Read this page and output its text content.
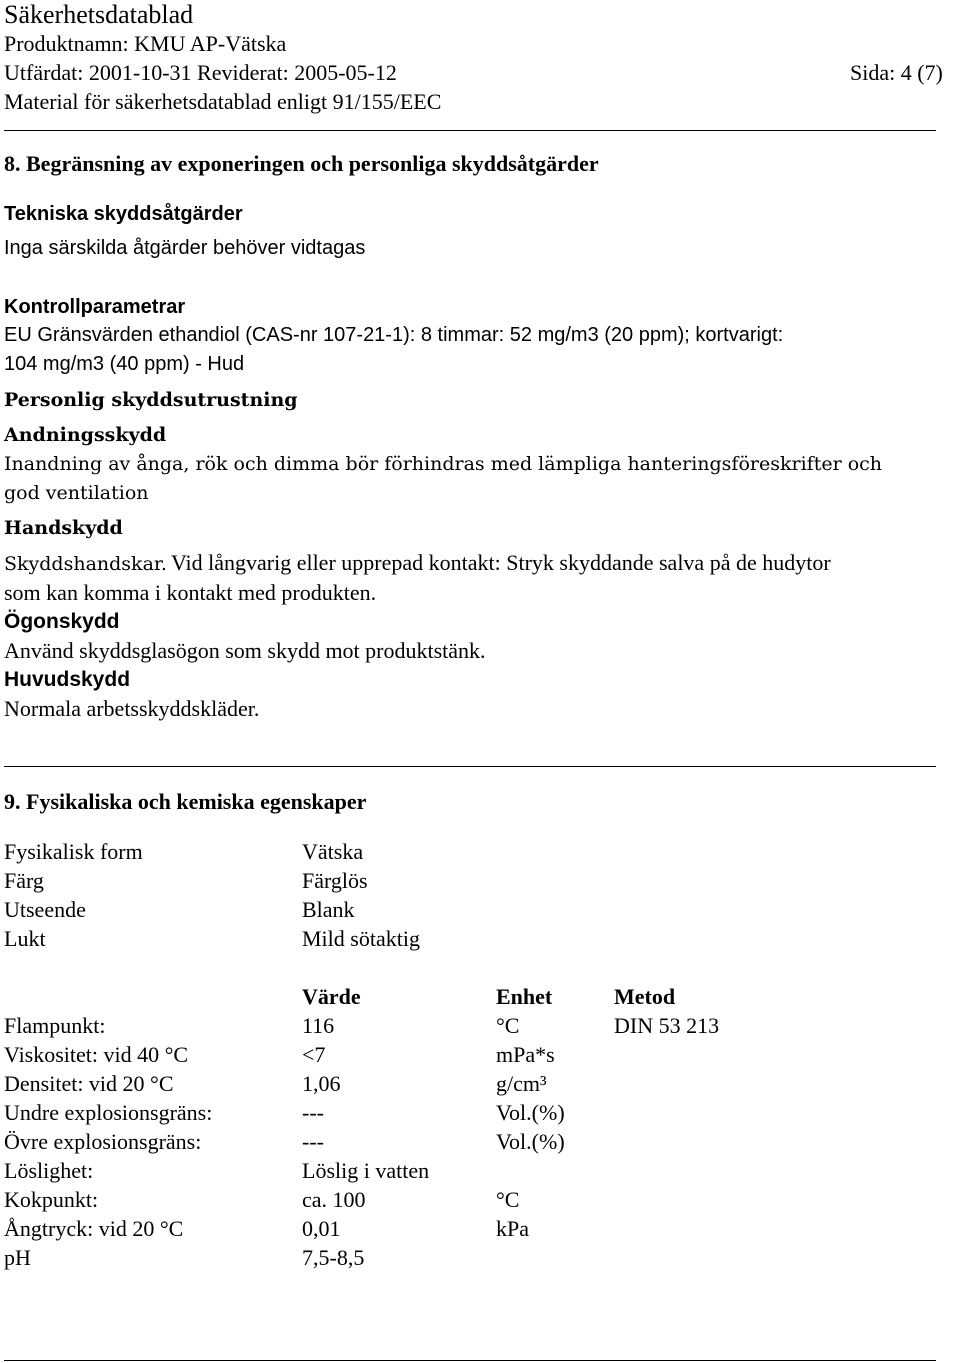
Säkerhetsdatablad
Produktnamn: KMU AP-Vätska
Utfärdat: 2001-10-31 Reviderat: 2005-05-12	Sida: 4 (7)
Material för säkerhetsdatablad enligt 91/155/EEC
8. Begränsning av exponeringen och personliga skyddsåtgärder
Tekniska skyddsåtgärder
Inga särskilda åtgärder behöver vidtagas
Kontrollparametrar
EU Gränsvärden ethandiol (CAS-nr 107-21-1): 8 timmar: 52 mg/m3 (20 ppm); kortvarigt:
104 mg/m3 (40 ppm) - Hud
Personlig skyddsutrustning
Andningsskydd
Inandning av ånga, rök och dimma bör förhindras med lämpliga hanteringsföreskrifter och
god ventilation
Handskydd
Skyddshandskar. Vid långvarig eller upprepad kontakt: Stryk skyddande salva på de hudytor
som kan komma i kontakt med produkten.
Ögonskydd
Använd skyddsglasögon som skydd mot produktstänk.
Huvudskydd
Normala arbetsskyddskläder.
9. Fysikaliska och kemiska egenskaper
Fysikalisk form	Vätska
Färg	Färglös
Utseende	Blank
Lukt	Mild sötaktig
Värde	Enhet	Metod
Flampunkt:	116	°C	DIN 53 213
Viskositet: vid 40 °C	<7	mPa*s
Densitet: vid 20 °C	1,06	g/cm³
Undre explosionsgräns:	---	Vol.(%)
Övre explosionsgräns:	---	Vol.(%)
Löslighet:	Löslig i vatten
Kokpunkt:	ca. 100	°C
Ångtryck: vid 20 °C	0,01	kPa
pH	7,5-8,5
